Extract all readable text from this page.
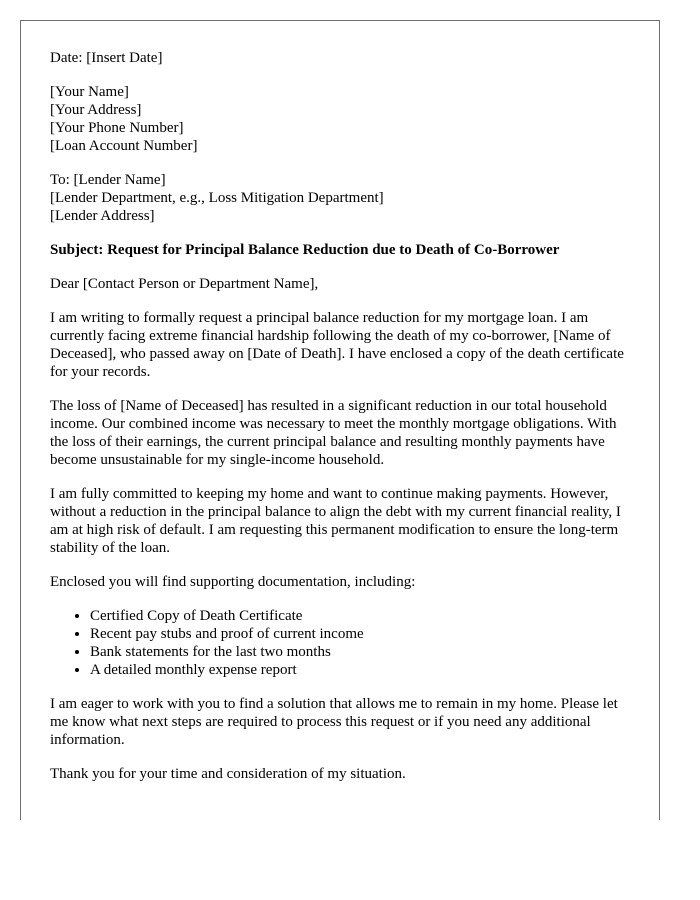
Date: [Insert Date]
[Your Name]
[Your Address]
[Your Phone Number]
[Loan Account Number]
To: [Lender Name]
[Lender Department, e.g., Loss Mitigation Department]
[Lender Address]
Subject: Request for Principal Balance Reduction due to Death of Co-Borrower
Dear [Contact Person or Department Name],

I am writing to formally request a principal balance reduction for my mortgage loan. I am currently facing extreme financial hardship following the death of my co-borrower, [Name of Deceased], who passed away on [Date of Death]. I have enclosed a copy of the death certificate for your records.

The loss of [Name of Deceased] has resulted in a significant reduction in our total household income. Our combined income was necessary to meet the monthly mortgage obligations. With the loss of their earnings, the current principal balance and resulting monthly payments have become unsustainable for my single-income household.

I am fully committed to keeping my home and want to continue making payments. However, without a reduction in the principal balance to align the debt with my current financial reality, I am at high risk of default. I am requesting this permanent modification to ensure the long-term stability of the loan.

Enclosed you will find supporting documentation, including:

• Certified Copy of Death Certificate
• Recent pay stubs and proof of current income
• Bank statements for the last two months
• A detailed monthly expense report

I am eager to work with you to find a solution that allows me to remain in my home. Please let me know what next steps are required to process this request or if you need any additional information.

Thank you for your time and consideration of my situation.
